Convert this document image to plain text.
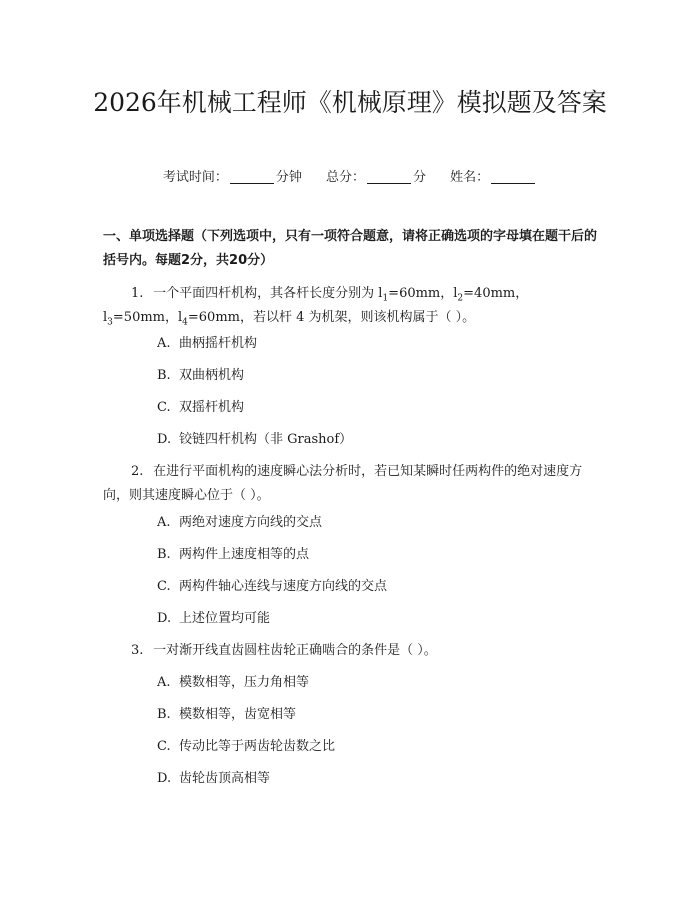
2026年机械工程师《机械原理》模拟题及答案
考试时间：	分钟 总分：	分 姓名：
一、单项选择题（下列选项中，只有一项符合题意，请将正确选项的字母填在题干后的括号内。每题2分，共20分）
1. 一个平面四杆机构，其各杆长度分别为 $l_1=60mm$，$l_2=40mm$，$l_3=50mm$，$l_4=60mm$，若以杆 4 为机架，则该机构属于（ ）。
A. 曲柄摇杆机构
B. 双曲柄机构
C. 双摇杆机构
D. 铰链四杆机构（非 Grashof）
2. 在进行平面机构的速度瞬心法分析时，若已知某瞬时任两构件的绝对速度方向，则其速度瞬心位于（ ）。
A. 两绝对速度方向线的交点
B. 两构件上速度相等的点
C. 两构件轴心连线与速度方向线的交点
D. 上述位置均可能
3. 一对渐开线直齿圆柱齿轮正确啮合的条件是（ ）。
A. 模数相等，压力角相等
B. 模数相等，齿宽相等
C. 传动比等于两齿轮齿数之比
D. 齿轮齿顶高相等
